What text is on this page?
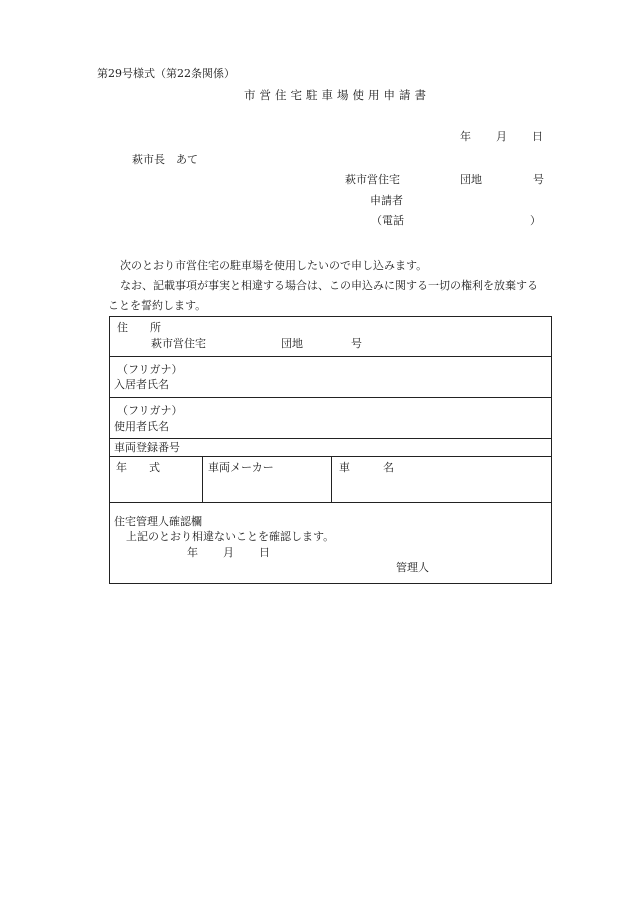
第29号様式（第22条関係）
市営住宅駐車場使用申請書
年 月 日
萩市長　あて
萩市営住宅	団地	号
申請者
（電話	）
次のとおり市営住宅の駐車場を使用したいので申し込みます。
なお、記載事項が事実と相違する場合は、この申込みに関する一切の権利を放棄する
ことを誓約します。
住　　所
萩市営住宅	団地	号
（フリガナ）
入居者氏名
（フリガナ）
使用者氏名
車両登録番号
年　　式	車両メーカー	車　　　名
住宅管理人確認欄
上記のとおり相違ないことを確認します。
年 月 日
管理人
